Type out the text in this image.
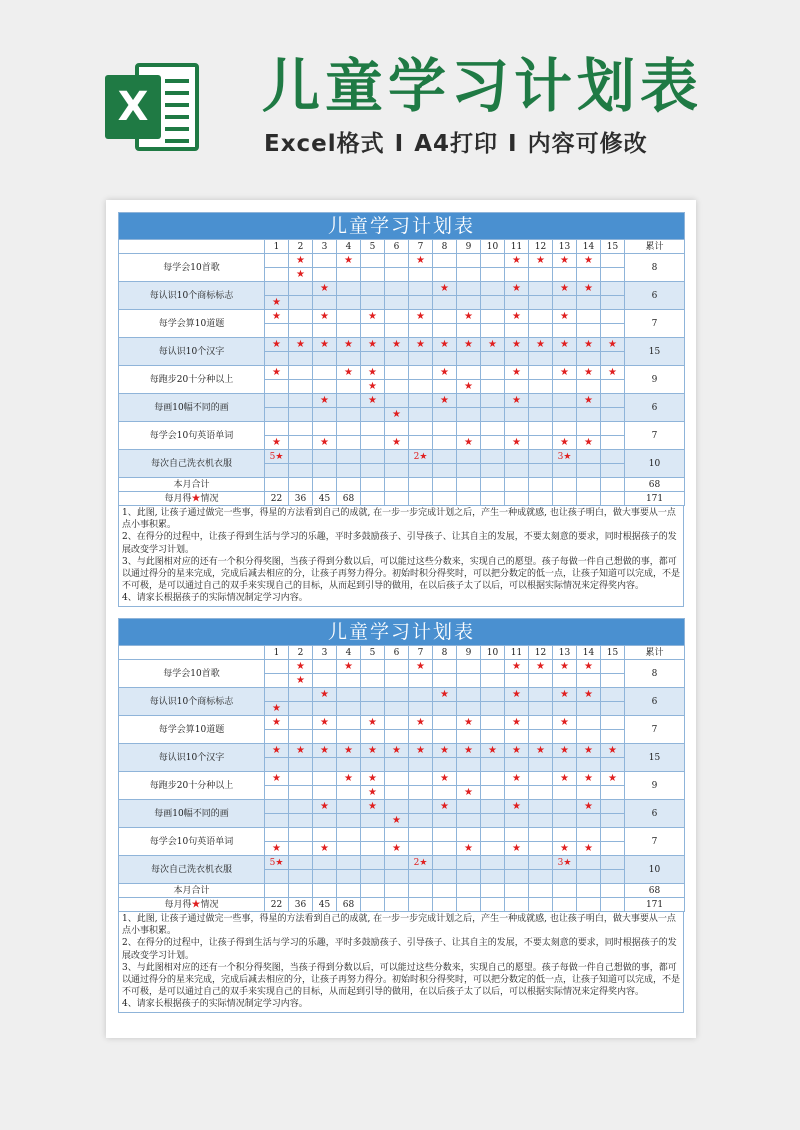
X 儿童学习计划表
Excel格式 I A4打印 I 内容可修改
儿童学习计划表																
	1	2	3	4	5	6	7	8	9	10	11	12	13	14	15	累计
每学会10首歌		★		★			★				★	★	★	★		8
		★														
每认识10个商标标志			★					★			★		★	★		6
	★															
每学会算10道题	★		★		★		★		★		★		★			7

每认识10个汉字	★	★	★	★	★	★	★	★	★	★	★	★	★	★	★	15

每跑步20十分种以上	★			★	★			★			★		★	★	★	9
					★				★							
每画10幅不同的画			★		★			★			★			★		6
						★										
每学会10句英语单词																7
	★		★			★			★		★		★	★		
每次自己洗衣机衣服	5★						2★						3★			10

本月合计																68
每月得★情况	22	36	45	68												171

1、此图, 让孩子通过做完一些事，得星的方法看到自己的成就, 在一步一步完成计划之后，产生一种成就感, 也让孩子明白，做大事要从一点点小事积累。

2、在得分的过程中，让孩子得到生活与学习的乐趣，平时多鼓励孩子、引导孩子、让其自主的发展，不要太刻意的要求，同时根据孩子的发展改变学习计划。

3、与此图相对应的还有一个积分得奖图，当孩子得到分数以后，可以能过这些分数来，实现自己的愿望。孩子每做一件自己想做的事，都可以通过得分的星来完成，完成后减去相应的分，让孩子再努力得分。初始时积分得奖时，可以把分数定的低一点，让孩子知道可以完成，不是不可极，是可以通过自己的双手来实现自己的目标，从而起到引导的做用，在以后孩子太了以后，可以根据实际情况来定得奖内容。

4、请家长根据孩子的实际情况制定学习内容。

儿童学习计划表																
	1	2	3	4	5	6	7	8	9	10	11	12	13	14	15	累计
每学会10首歌		★		★			★				★	★	★	★		8
		★														
每认识10个商标标志			★					★			★		★	★		6
	★															
每学会算10道题	★		★		★		★		★		★		★			7

每认识10个汉字	★	★	★	★	★	★	★	★	★	★	★	★	★	★	★	15

每跑步20十分种以上	★			★	★			★			★		★	★	★	9
					★				★							
每画10幅不同的画			★		★			★			★			★		6
						★										
每学会10句英语单词																7
	★		★			★			★		★		★	★		
每次自己洗衣机衣服	5★						2★						3★			10

本月合计																68
每月得★情况	22	36	45	68												171

1、此图, 让孩子通过做完一些事，得星的方法看到自己的成就, 在一步一步完成计划之后，产生一种成就感, 也让孩子明白，做大事要从一点点小事积累。

2、在得分的过程中，让孩子得到生活与学习的乐趣，平时多鼓励孩子、引导孩子、让其自主的发展，不要太刻意的要求，同时根据孩子的发展改变学习计划。

3、与此图相对应的还有一个积分得奖图，当孩子得到分数以后，可以能过这些分数来，实现自己的愿望。孩子每做一件自己想做的事，都可以通过得分的星来完成，完成后减去相应的分，让孩子再努力得分。初始时积分得奖时，可以把分数定的低一点，让孩子知道可以完成，不是不可极，是可以通过自己的双手来实现自己的目标，从而起到引导的做用，在以后孩子太了以后，可以根据实际情况来定得奖内容。

4、请家长根据孩子的实际情况制定学习内容。
